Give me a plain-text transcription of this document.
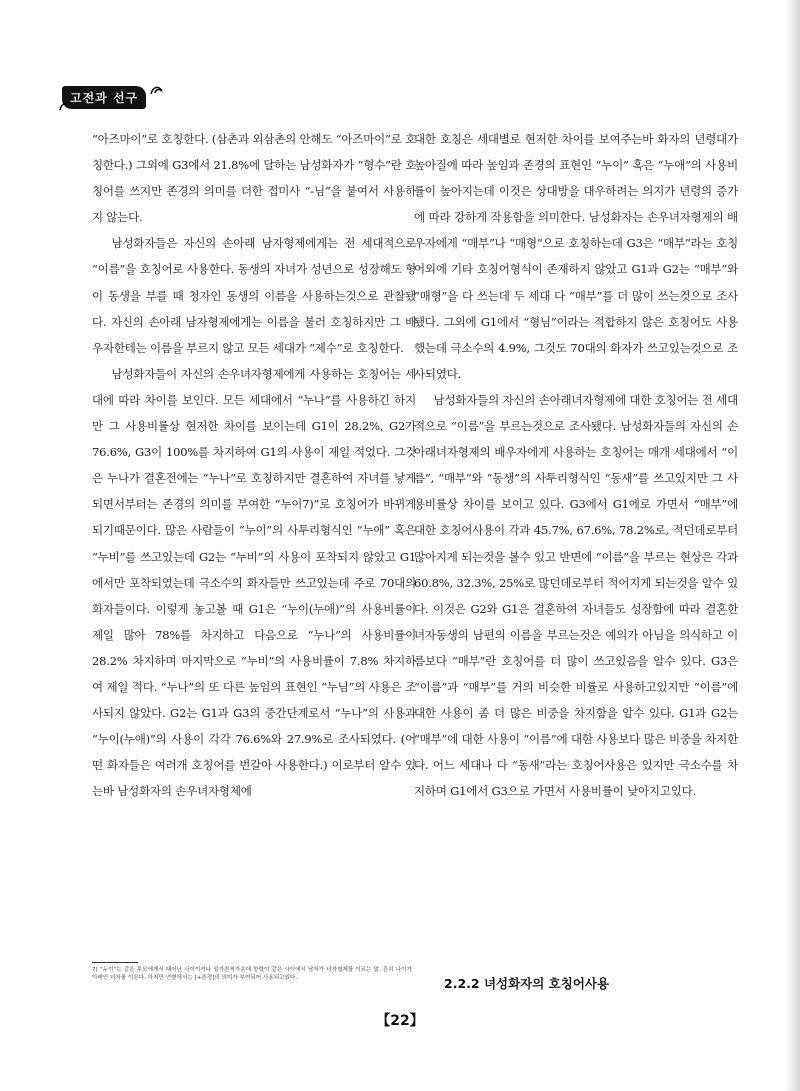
고전과 선구

“아즈마이”로 호칭한다. (삼촌과 외삼촌의 안해도 “아즈마이”로 호칭한다.) 그외에 G3에서 21.8%에 달하는 남성화자가 “형수”란 호칭어를 쓰지만 존경의 의미를 더한 접미사 “-님”을 붙여서 사용하지 않는다.

남성화자들은 자신의 손아래 남자형제에게는 전 세대적으로 “이름”을 호칭어로 사용한다. 동생의 자녀가 성년으로 성장해도 형이 동생을 부를 때 청자인 동생의 이름을 사용하는것으로 관찰됐다. 자신의 손아래 남자형제에게는 이름을 불러 호칭하지만 그 배우자한테는 이름을 부르지 않고 모든 세대가 “제수”로 호칭한다.

남성화자들이 자신의 손우녀자형제에게 사용하는 호칭어는 세대에 따라 차이를 보인다. 모든 세대에서 “누나”를 사용하긴 하지만 그 사용비률상 현저한 차이를 보이는데 G1이 28.2%, G2가 76.6%, G3이 100%를 차지하여 G1의 사용이 제일 적었다. 그것은 누나가 결혼전에는 “누나”로 호칭하지만 결혼하여 자녀를 낳게 되면서부터는 존경의 의미를 부여한 “누이7)”로 호칭어가 바뀌게 되기때문이다. 많은 사람들이 “누이”의 사투리형식인 “누애” 혹은 “누비”를 쓰고있는데 G2는 “누비”의 사용이 포착되지 않았고 G1에서만 포착되였는데 극소수의 화자들만 쓰고있는데 주로 70대의 화자들이다. 이렇게 놓고볼 때 G1은 “누이(누애)”의 사용비률이 제일 많아 78%를 차지하고 다음으로 “누나”의 사용비률이 28.2% 차지하며 마지막으로 “누비”의 사용비률이 7.8% 차지하여 제일 적다. “누나”의 또 다른 높임의 표현인 “누님”의 사용은 조사되지 않았다. G2는 G1과 G3의 중간단계로서 “누나”의 사용과 “누이(누애)”의 사용이 각각 76.6%와 27.9%로 조사되였다. (어떤 화자들은 여러개 호칭어를 번갈아 사용한다.) 이로부터 알수 있는바 남성화자의 손우녀자형제에

대한 호칭은 세대별로 현저한 차이를 보여주는바 화자의 년령대가 높아질에 따라 높임과 존경의 표현인 “누이” 혹은 “누애”의 사용비률이 높아지는데 이것은 상대방을 대우하려는 의지가 년령의 증가에 따라 강하게 작용함을 의미한다. 남성화자는 손우녀자형제의 배우자에게 “매부”나 “매형”으로 호칭하는데 G3은 “매부”라는 호칭어외에 기타 호칭어형식이 존재하지 않았고 G1과 G2는 “매부”와 “매형”을 다 쓰는데 두 세대 다 “매부”를 더 많이 쓰는것으로 조사됐다. 그외에 G1에서 “형님”이라는 적합하지 않은 호칭어도 사용했는데 극소수의 4.9%, 그것도 70대의 화자가 쓰고있는것으로 조사되였다.

남성화자들의 자신의 손아래녀자형제에 대한 호칭어는 전 세대적으로 “이름”을 부르는것으로 조사됐다. 남성화자들의 자신의 손아래녀자형제의 배우자에게 사용하는 호칭어는 매개 세대에서 “이름”, “매부”와 “동생”의 사투리형식인 “동새”를 쓰고있지만 그 사용비률상 차이를 보이고 있다. G3에서 G1에로 가면서 “매부”에 대한 호칭어사용이 각과 45.7%, 67.6%, 78.2%로, 적던데로부터 많아지게 되는것을 볼수 있고 반면에 “이름”을 부르는 현상은 각과 60.8%, 32.3%, 25%로 많던데로부터 적어지게 되는것을 알수 있다. 이것은 G2와 G1은 결혼하여 자녀들도 성장함에 따라 결혼한 녀자동생의 남편의 이름을 부르는것은 예의가 아님을 의식하고 이름보다 “매부”란 호칭어를 더 많이 쓰고있음을 알수 있다. G3은 “이름”과 “매부”를 거의 비슷한 비률로 사용하고있지만 “이름”에 대한 사용이 좀 더 많은 비중을 차지함을 알수 있다. G1과 G2는 “매부”에 대한 사용이 “이름”에 대한 사용보다 많은 비중을 차지한다. 어느 세대나 다 “동새”라는 호칭어사용은 있지만 극소수를 차지하며 G1에서 G3으로 가면서 사용비률이 낮아지고있다.

2.2.2 녀성화자의 호칭어사용
7) “누이”는 같은 부모에게서 태어난 사이이거나 일가친척가운데 항렬이 같은 사이에서 남자가 녀자형제를 이르는 말. 흔히 나이가 아래인 녀자를 이른다. 하지만 연변에서는 [+존경]의 의미가 부여되어 사용되고있다.
【22】
